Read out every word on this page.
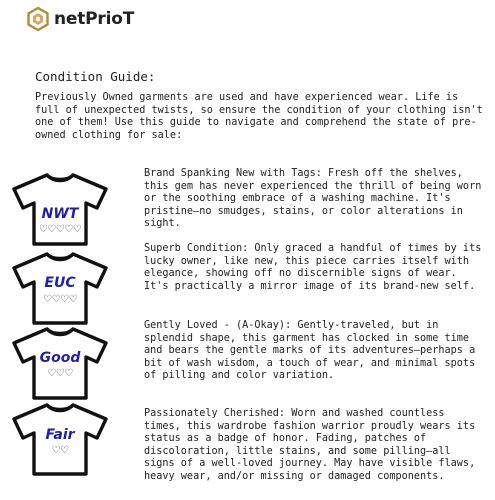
netPrioT
Condition Guide:

Previously Owned garments are used and have experienced wear. Life is full of unexpected twists, so ensure the condition of your clothing isn't one of them! Use this guide to navigate and comprehend the state of pre-owned clothing for sale:

NWT
♡♡♡♡♡

Brand Spanking New with Tags: Fresh off the shelves, this gem has never experienced the thrill of being worn or the soothing embrace of a washing machine. It's pristine—no smudges, stains, or color alterations in sight.

EUC
♡♡♡♡

Superb Condition: Only graced a handful of times by its lucky owner, like new, this piece carries itself with elegance, showing off no discernible signs of wear. It's practically a mirror image of its brand-new self.

Good
♡♡♡

Gently Loved - (A-Okay): Gently-traveled, but in splendid shape, this garment has clocked in some time and bears the gentle marks of its adventures—perhaps a bit of wash wisdom, a touch of wear, and minimal spots of pilling and color variation.

Fair
♡♡

Passionately Cherished: Worn and washed countless times, this wardrobe fashion warrior proudly wears its status as a badge of honor. Fading, patches of discoloration, little stains, and some pilling—all signs of a well-loved journey. May have visible flaws, heavy wear, and/or missing or damaged components.
